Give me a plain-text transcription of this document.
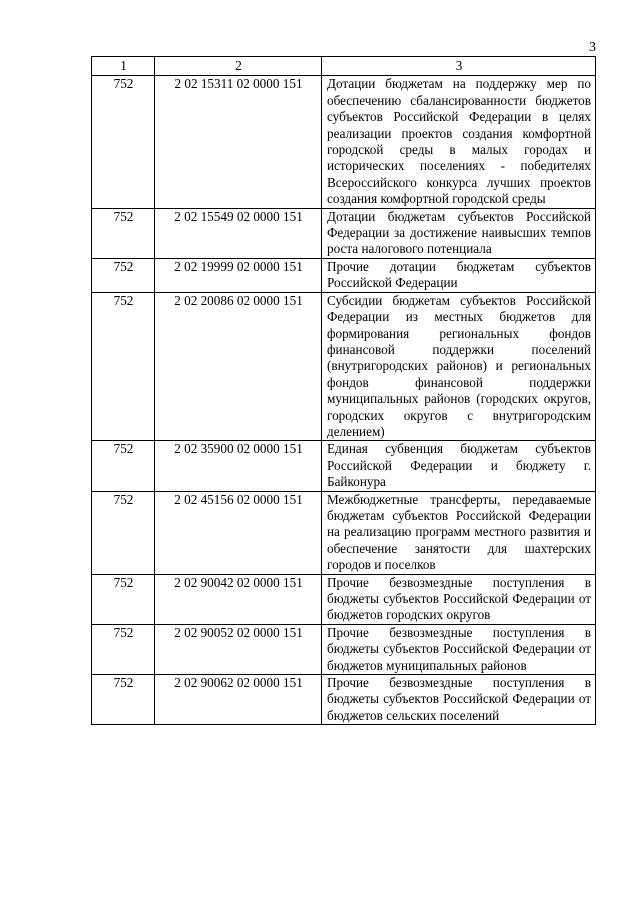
3
1	2	3
752	2 02 15311 02 0000 151	Дотации бюджетам на поддержку мер по обеспечению сбалансированности бюджетов субъектов Российской Федерации в целях реализации проектов создания комфортной городской среды в малых городах и исторических поселениях - победителях Всероссийского конкурса лучших проектов создания комфортной городской среды
752	2 02 15549 02 0000 151	Дотации бюджетам субъектов Российской Федерации за достижение наивысших темпов роста налогового потенциала
752	2 02 19999 02 0000 151	Прочие дотации бюджетам субъектов Российской Федерации
752	2 02 20086 02 0000 151	Субсидии бюджетам субъектов Российской Федерации из местных бюджетов для формирования региональных фондов финансовой поддержки поселений (внутригородских районов) и региональных фондов финансовой поддержки муниципальных районов (городских округов, городских округов с внутригородским делением)
752	2 02 35900 02 0000 151	Единая субвенция бюджетам субъектов Российской Федерации и бюджету г. Байконура
752	2 02 45156 02 0000 151	Межбюджетные трансферты, передаваемые бюджетам субъектов Российской Федерации на реализацию программ местного развития и обеспечение занятости для шахтерских городов и поселков
752	2 02 90042 02 0000 151	Прочие безвозмездные поступления в бюджеты субъектов Российской Федерации от бюджетов городских округов
752	2 02 90052 02 0000 151	Прочие безвозмездные поступления в бюджеты субъектов Российской Федерации от бюджетов муниципальных районов
752	2 02 90062 02 0000 151	Прочие безвозмездные поступления в бюджеты субъектов Российской Федерации от бюджетов сельских поселений
